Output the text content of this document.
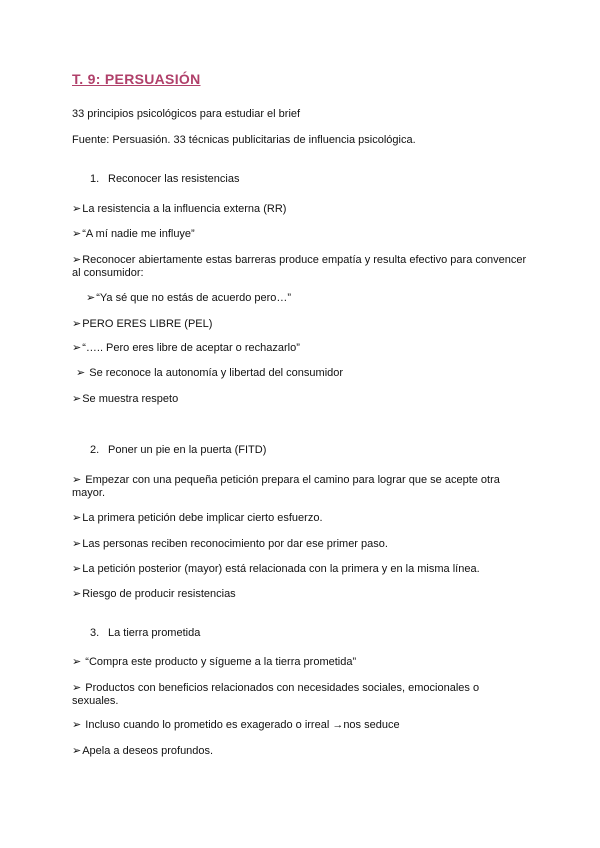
T. 9: PERSUASIÓN

33 principios psicológicos para estudiar el brief

Fuente: Persuasión. 33 técnicas publicitarias de influencia psicológica.

1. Reconocer las resistencias

➢La resistencia a la influencia externa (RR)

➢“A mí nadie me influye”

➢Reconocer abiertamente estas barreras produce empatía y resulta efectivo para convencer al consumidor:

➢“Ya sé que no estás de acuerdo pero…”

➢PERO ERES LIBRE (PEL)

➢“….. Pero eres libre de aceptar o rechazarlo”

➢ Se reconoce la autonomía y libertad del consumidor

➢Se muestra respeto

2. Poner un pie en la puerta (FITD)

➢ Empezar con una pequeña petición prepara el camino para lograr que se acepte otra mayor.

➢La primera petición debe implicar cierto esfuerzo.

➢Las personas reciben reconocimiento por dar ese primer paso.

➢La petición posterior (mayor) está relacionada con la primera y en la misma línea.

➢Riesgo de producir resistencias

3. La tierra prometida

➢ “Compra este producto y sígueme a la tierra prometida”

➢ Productos con beneficios relacionados con necesidades sociales, emocionales o sexuales.

➢ Incluso cuando lo prometido es exagerado o irreal →nos seduce

➢Apela a deseos profundos.
